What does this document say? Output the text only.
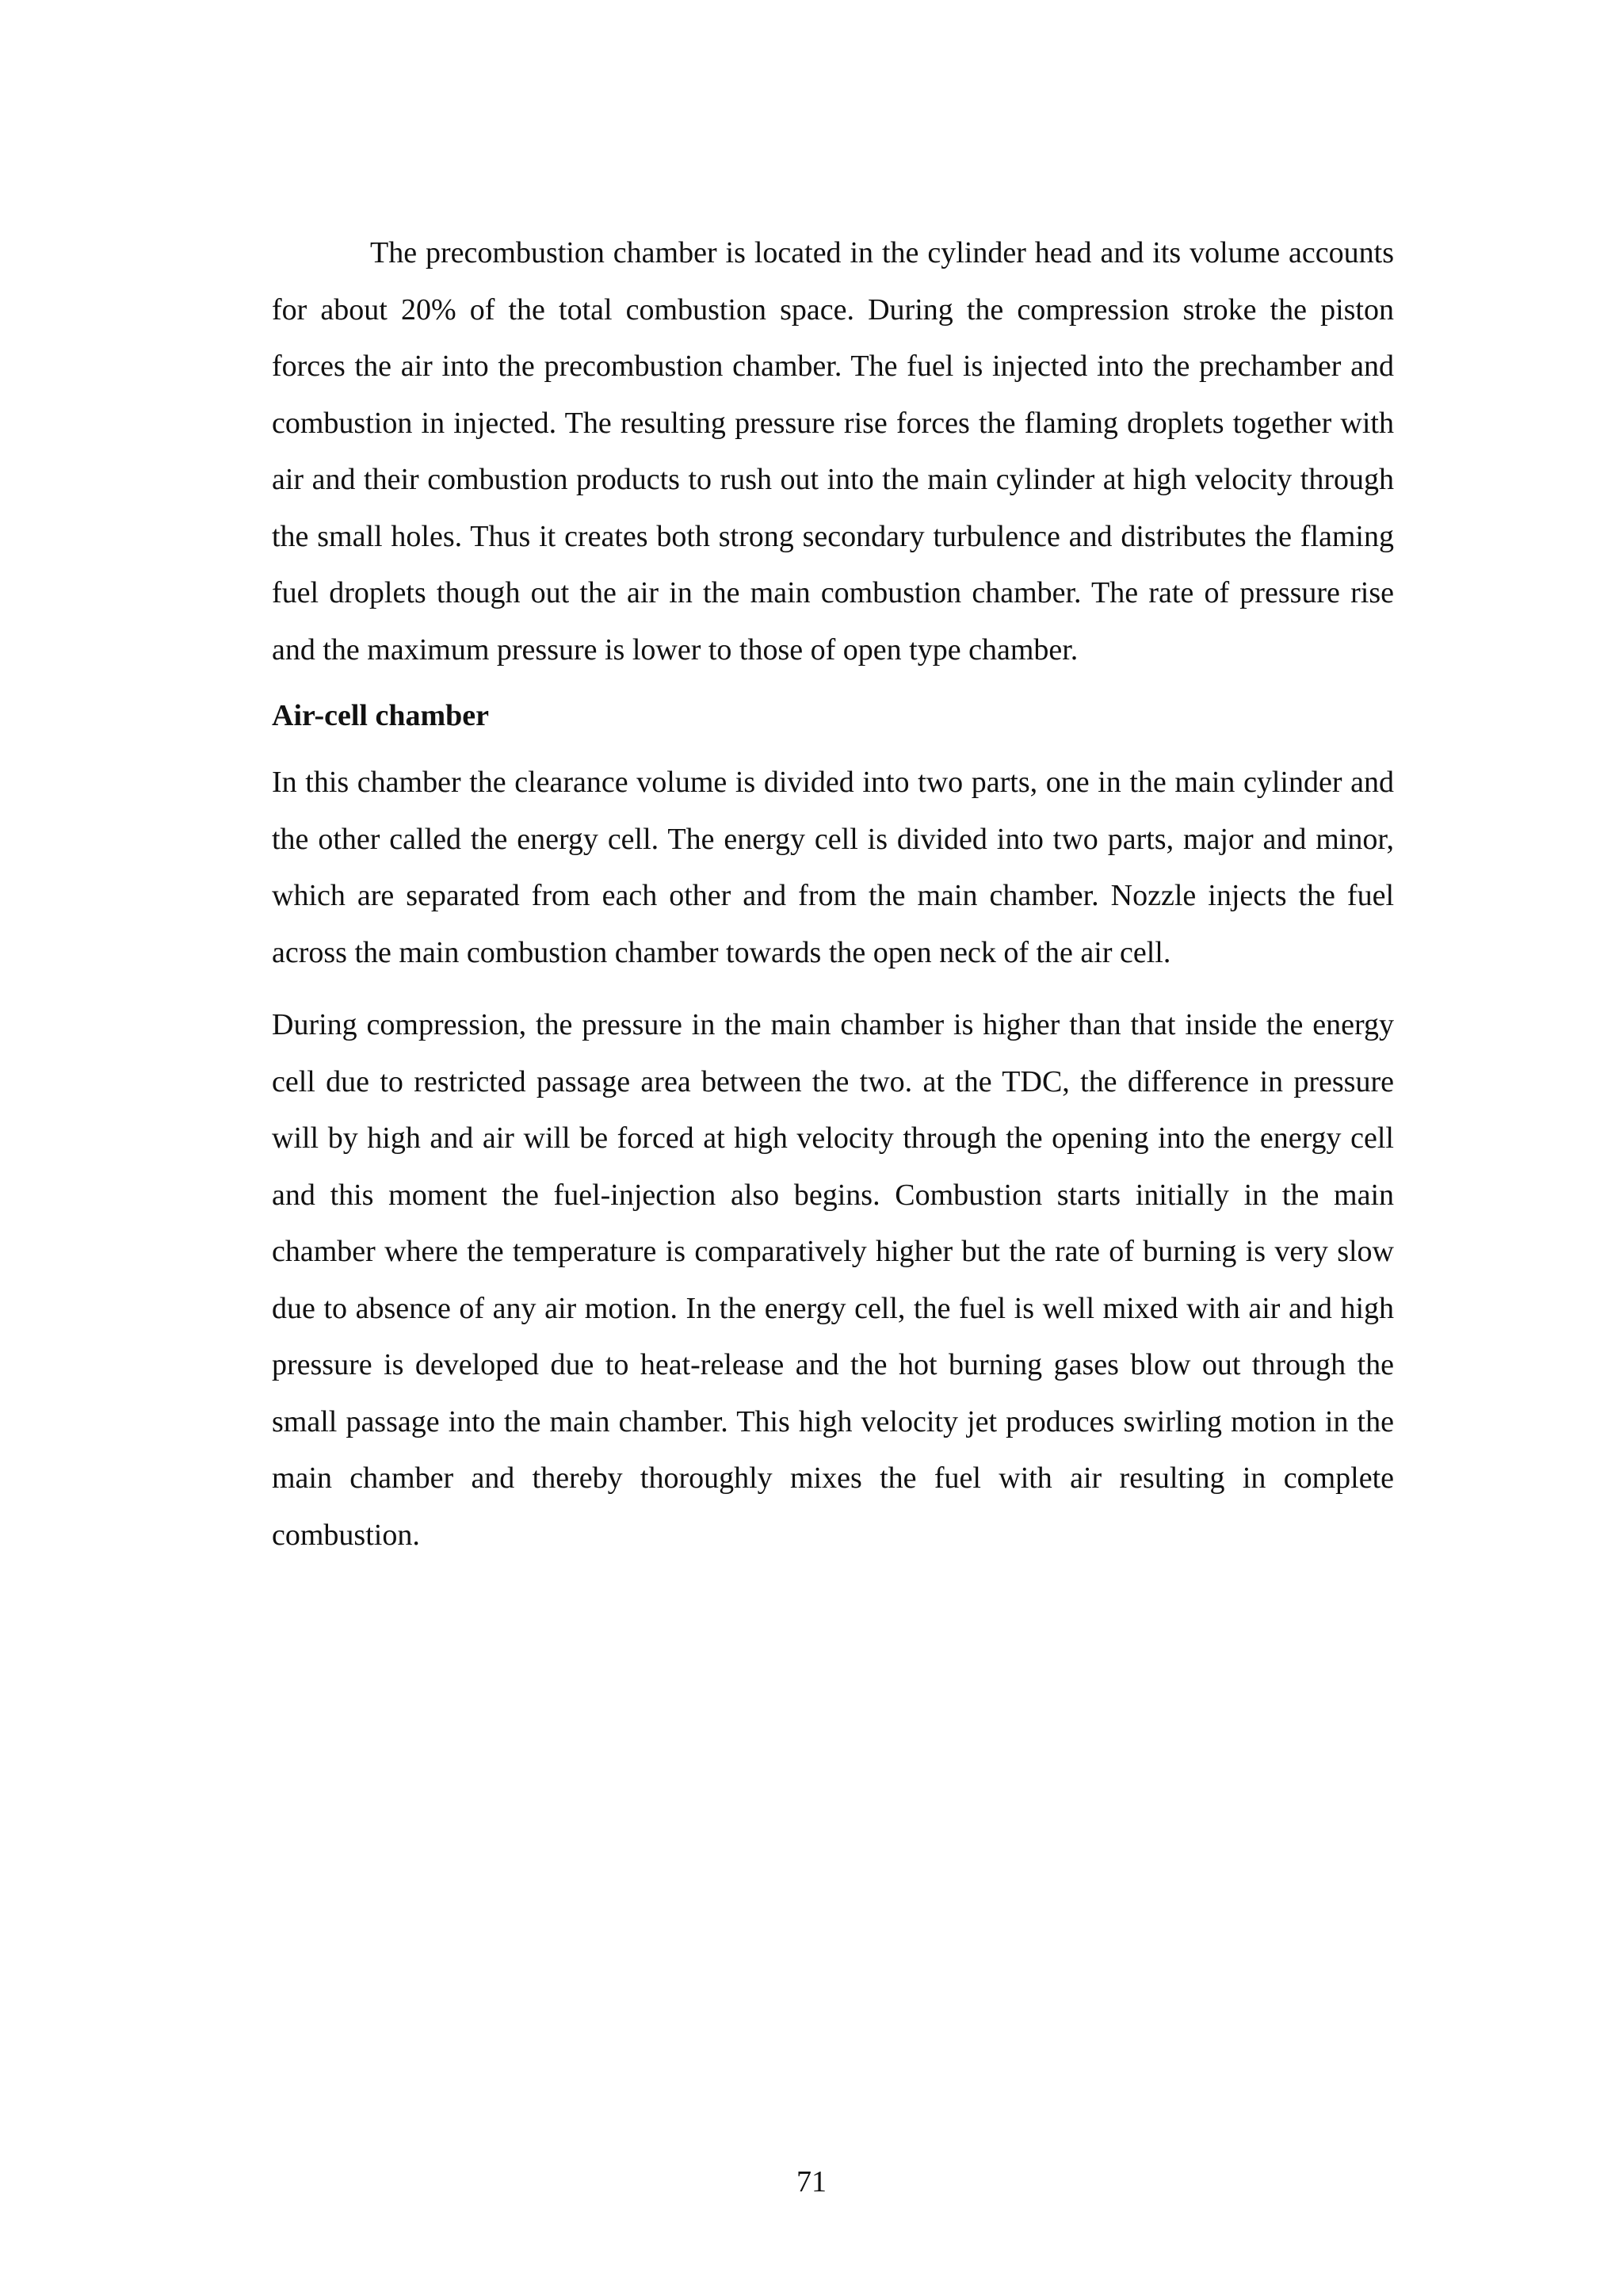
The precombustion chamber is located in the cylinder head and its volume accounts for about 20% of the total combustion space. During the compression stroke the piston forces the air into the precombustion chamber. The fuel is injected into the prechamber and combustion in injected. The resulting pressure rise forces the flaming droplets together with air and their combustion products to rush out into the main cylinder at high velocity through the small holes. Thus it creates both strong secondary turbulence and distributes the flaming fuel droplets though out the air in the main combustion chamber. The rate of pressure rise and the maximum pressure is lower to those of open type chamber.

Air-cell chamber

In this chamber the clearance volume is divided into two parts, one in the main cylinder and the other called the energy cell. The energy cell is divided into two parts, major and minor, which are separated from each other and from the main chamber. Nozzle injects the fuel across the main combustion chamber towards the open neck of the air cell.

During compression, the pressure in the main chamber is higher than that inside the energy cell due to restricted passage area between the two. at the TDC, the difference in pressure will by high and air will be forced at high velocity through the opening into the energy cell and this moment the fuel-injection also begins. Combustion starts initially in the main chamber where the temperature is comparatively higher but the rate of burning is very slow due to absence of any air motion. In the energy cell, the fuel is well mixed with air and high pressure is developed due to heat-release and the hot burning gases blow out through the small passage into the main chamber. This high velocity jet produces swirling motion in the main chamber and thereby thoroughly mixes the fuel with air resulting in complete combustion.

71
